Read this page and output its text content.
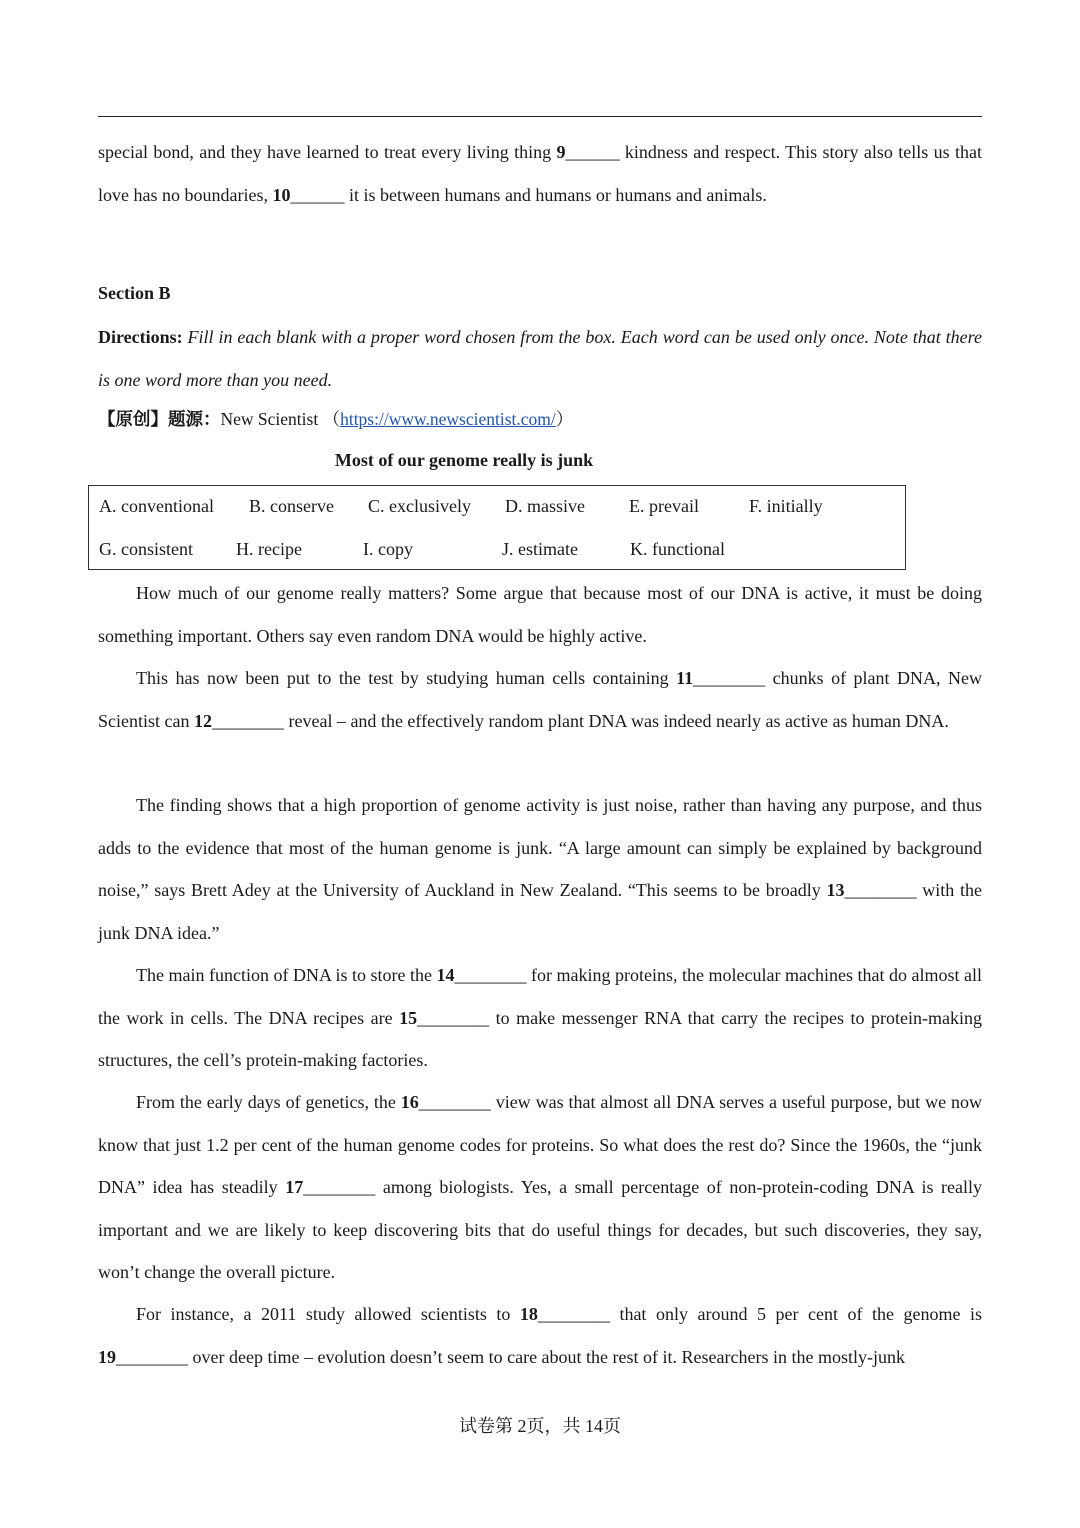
special bond, and they have learned to treat every living thing 9______ kindness and respect. This story also tells us that love has no boundaries, 10______ it is between humans and humans or humans and animals.

Section B
Directions: Fill in each blank with a proper word chosen from the box. Each word can be used only once. Note that there is one word more than you need.
【原创】题源：New Scientist （https://www.newscientist.com/）
Most of our genome really is junk
A. conventional B. conserve C. exclusively D. massive E. prevail	F. initially
G. consistent H. recipe	I. copy	J. estimate	K. functional

How much of our genome really matters? Some argue that because most of our DNA is active, it must be doing something important. Others say even random DNA would be highly active.

This has now been put to the test by studying human cells containing 11________ chunks of plant DNA, New Scientist can 12________ reveal – and the effectively random plant DNA was indeed nearly as active as human DNA.

The finding shows that a high proportion of genome activity is just noise, rather than having any purpose, and thus adds to the evidence that most of the human genome is junk. “A large amount can simply be explained by background noise,” says Brett Adey at the University of Auckland in New Zealand. “This seems to be broadly 13________ with the junk DNA idea.”

The main function of DNA is to store the 14________ for making proteins, the molecular machines that do almost all the work in cells. The DNA recipes are 15________ to make messenger RNA that carry the recipes to protein-making structures, the cell’s protein-making factories.

From the early days of genetics, the 16________ view was that almost all DNA serves a useful purpose, but we now know that just 1.2 per cent of the human genome codes for proteins. So what does the rest do? Since the 1960s, the “junk DNA” idea has steadily 17________ among biologists. Yes, a small percentage of non-protein-coding DNA is really important and we are likely to keep discovering bits that do useful things for decades, but such discoveries, they say, won’t change the overall picture.

For instance, a 2011 study allowed scientists to 18________ that only around 5 per cent of the genome is 19________ over deep time – evolution doesn’t seem to care about the rest of it. Researchers in the mostly-junk

试卷第 2页，共 14页
